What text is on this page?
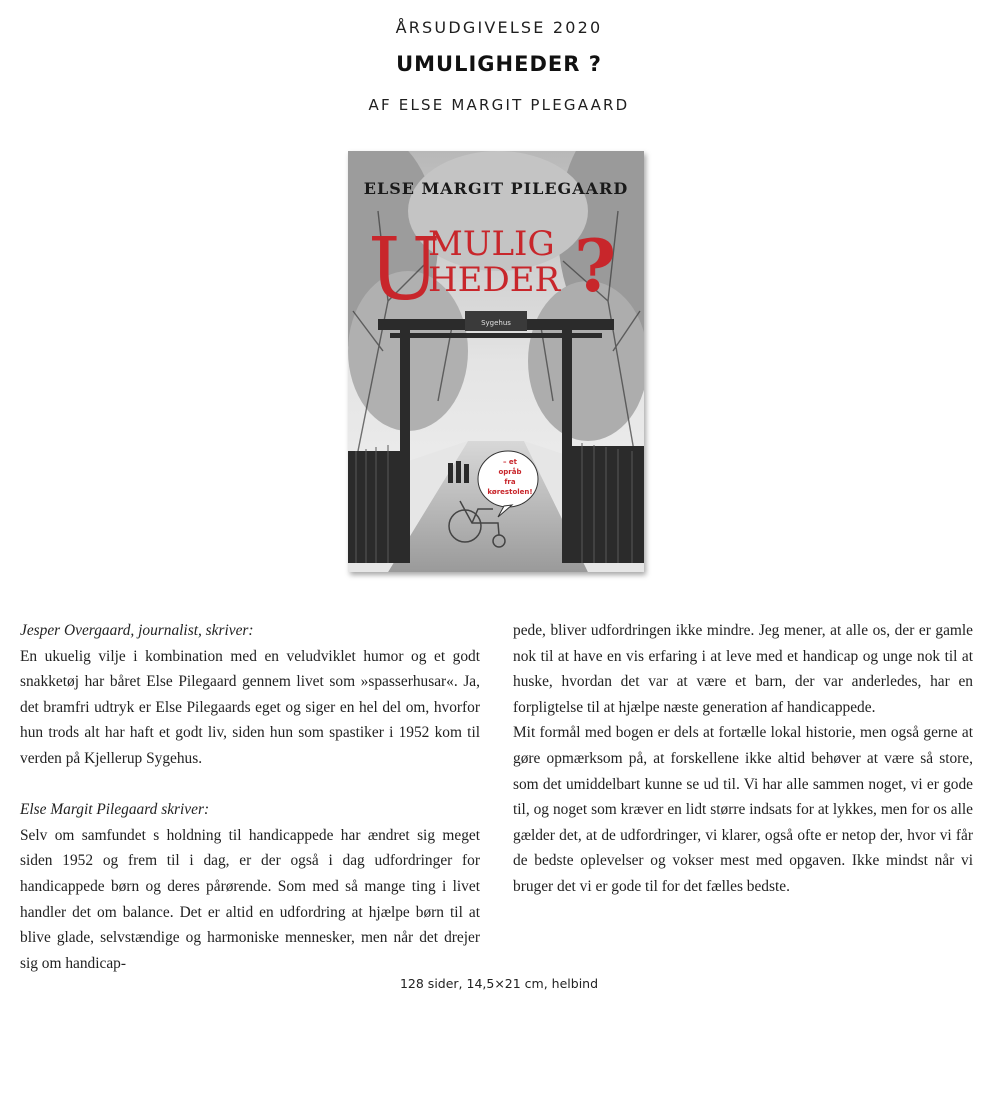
ÅRSUDGIVELSE 2020
UMULIGHEDER ?
AF ELSE MARGIT PLEGAARD
Sygehus
– et
opråb
fra
kørestolen!
U
MULIG
HEDER ?
ELSE MARGIT PILEGAARD

Jesper Overgaard, journalist, skriver:

En ukuelig vilje i kombination med en veludviklet humor og et godt snakketøj har båret Else Pilegaard gennem livet som »spasserhusar«. Ja, det bramfri udtryk er Else Pilegaards eget og siger en hel del om, hvorfor hun trods alt har haft et godt liv, siden hun som spastiker i 1952 kom til verden på Kjellerup Sygehus.

Else Margit Pilegaard skriver:

Selv om samfundet s holdning til handicappede har ændret sig meget siden 1952 og frem til i dag, er der også i dag udfordringer for handicappede børn og deres pårørende. Som med så mange ting i livet handler det om balance. Det er altid en udfordring at hjælpe børn til at blive glade, selvstændige og harmoniske mennesker, men når det drejer sig om handicap-

pede, bliver udfordringen ikke mindre. Jeg mener, at alle os, der er gamle nok til at have en vis erfaring i at leve med et handicap og unge nok til at huske, hvordan det var at være et barn, der var anderledes, har en forpligtelse til at hjælpe næste generation af handicappede.

Mit formål med bogen er dels at fortælle lokal historie, men også gerne at gøre opmærksom på, at forskellene ikke altid behøver at være så store, som det umiddelbart kunne se ud til. Vi har alle sammen noget, vi er gode til, og noget som kræver en lidt større indsats for at lykkes, men for os alle gælder det, at de udfordringer, vi klarer, også ofte er netop der, hvor vi får de bedste oplevelser og vokser mest med opgaven. Ikke mindst når vi bruger det vi er gode til for det fælles bedste.

128 sider, 14,5×21 cm, helbind
